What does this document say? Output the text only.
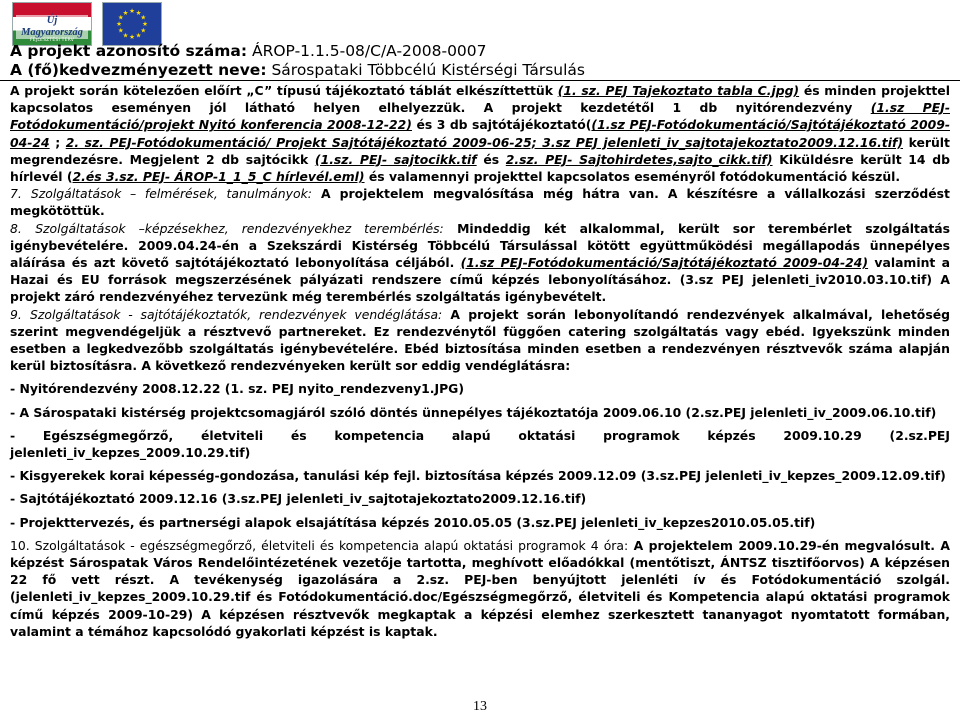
Új Magyarország
FEJLESZTÉSI TERV
★ ★
★
★
★
★
★
★
★
★
★
★
A projekt azonosító száma: ÁROP-1.1.5-08/C/A-2008-0007
A (fő)kedvezményezett neve: Sárospataki Többcélú Kistérségi Társulás

A projekt során kötelezően előírt „C” típusú tájékoztató táblát elkészíttettük (1. sz. PEJ Tajekoztato tabla C.jpg) és minden projekttel kapcsolatos eseményen jól látható helyen elhelyezzük. A projekt kezdetétől 1 db nyitórendezvény (1.sz PEJ-Fotódokumentáció/projekt Nyitó konferencia 2008-12-22) és 3 db sajtótájékoztató((1.sz PEJ-Fotódokumentáció/Sajtótájékoztató 2009-04-24 ; 2. sz. PEJ-Fotódokumentáció/ Projekt Sajtótájékoztató 2009-06-25; 3.sz PEJ jelenleti_iv_sajtotajekoztato2009.12.16.tif) került megrendezésre. Megjelent 2 db sajtócikk (1.sz. PEJ- sajtocikk.tif és 2.sz. PEJ- Sajtohirdetes,sajto_cikk.tif) Kiküldésre került 14 db hírlevél (2.és 3.sz. PEJ- ÁROP-1_1_5_C hírlevél.eml) és valamennyi projekttel kapcsolatos eseményről fotódokumentáció készül.

7. Szolgáltatások – felmérések, tanulmányok: A projektelem megvalósítása még hátra van. A készítésre a vállalkozási szerződést megkötöttük.

8. Szolgáltatások –képzésekhez, rendezvényekhez terembérlés: Mindeddig két alkalommal, került sor terembérlet szolgáltatás igénybevételére. 2009.04.24-én a Szekszárdi Kistérség Többcélú Társulással kötött együttműködési megállapodás ünnepélyes aláírása és azt követő sajtótájékoztató lebonyolítása céljából. (1.sz PEJ-Fotódokumentáció/Sajtótájékoztató 2009-04-24) valamint a Hazai és EU források megszerzésének pályázati rendszere című képzés lebonyolításához. (3.sz PEJ jelenleti_iv2010.03.10.tif) A projekt záró rendezvényéhez tervezünk még terembérlés szolgáltatás igénybevételt.

9. Szolgáltatások - sajtótájékoztatók, rendezvények vendéglátása: A projekt során lebonyolítandó rendezvények alkalmával, lehetőség szerint megvendégeljük a résztvevő partnereket. Ez rendezvénytől függően catering szolgáltatás vagy ebéd. Igyekszünk minden esetben a legkedvezőbb szolgáltatás igénybevételére. Ebéd biztosítása minden esetben a rendezvényen résztvevők száma alapján kerül biztosításra. A következő rendezvényeken került sor eddig vendéglátásra:

- Nyitórendezvény 2008.12.22 (1. sz. PEJ nyito_rendezveny1.JPG)

- A Sárospataki kistérség projektcsomagjáról szóló döntés ünnepélyes tájékoztatója 2009.06.10 (2.sz.PEJ jelenleti_iv_2009.06.10.tif)

- Egészségmegőrző, életviteli és kompetencia alapú oktatási programok képzés 2009.10.29 (2.sz.PEJ jelenleti_iv_kepzes_2009.10.29.tif)

- Kisgyerekek korai képesség-gondozása, tanulási kép fejl. biztosítása képzés 2009.12.09 (3.sz.PEJ jelenleti_iv_kepzes_2009.12.09.tif)

- Sajtótájékoztató 2009.12.16 (3.sz.PEJ jelenleti_iv_sajtotajekoztato2009.12.16.tif)

- Projekttervezés, és partnerségi alapok elsajátítása képzés 2010.05.05 (3.sz.PEJ jelenleti_iv_kepzes2010.05.05.tif)

10. Szolgáltatások - egészségmegőrző, életviteli és kompetencia alapú oktatási programok 4 óra: A projektelem 2009.10.29-én megvalósult. A képzést Sárospatak Város Rendelőintézetének vezetője tartotta, meghívott előadókkal (mentőtiszt, ÁNTSZ tisztifőorvos) A képzésen 22 fő vett részt. A tevékenység igazolására a 2.sz. PEJ-ben benyújtott jelenléti ív és Fotódokumentáció szolgál. (jelenleti_iv_kepzes_2009.10.29.tif és Fotódokumentáció.doc/Egészségmegőrző, életviteli és Kompetencia alapú oktatási programok című képzés 2009-10-29) A képzésen résztvevők megkaptak a képzési elemhez szerkesztett tananyagot nyomtatott formában, valamint a témához kapcsolódó gyakorlati képzést is kaptak.

13
